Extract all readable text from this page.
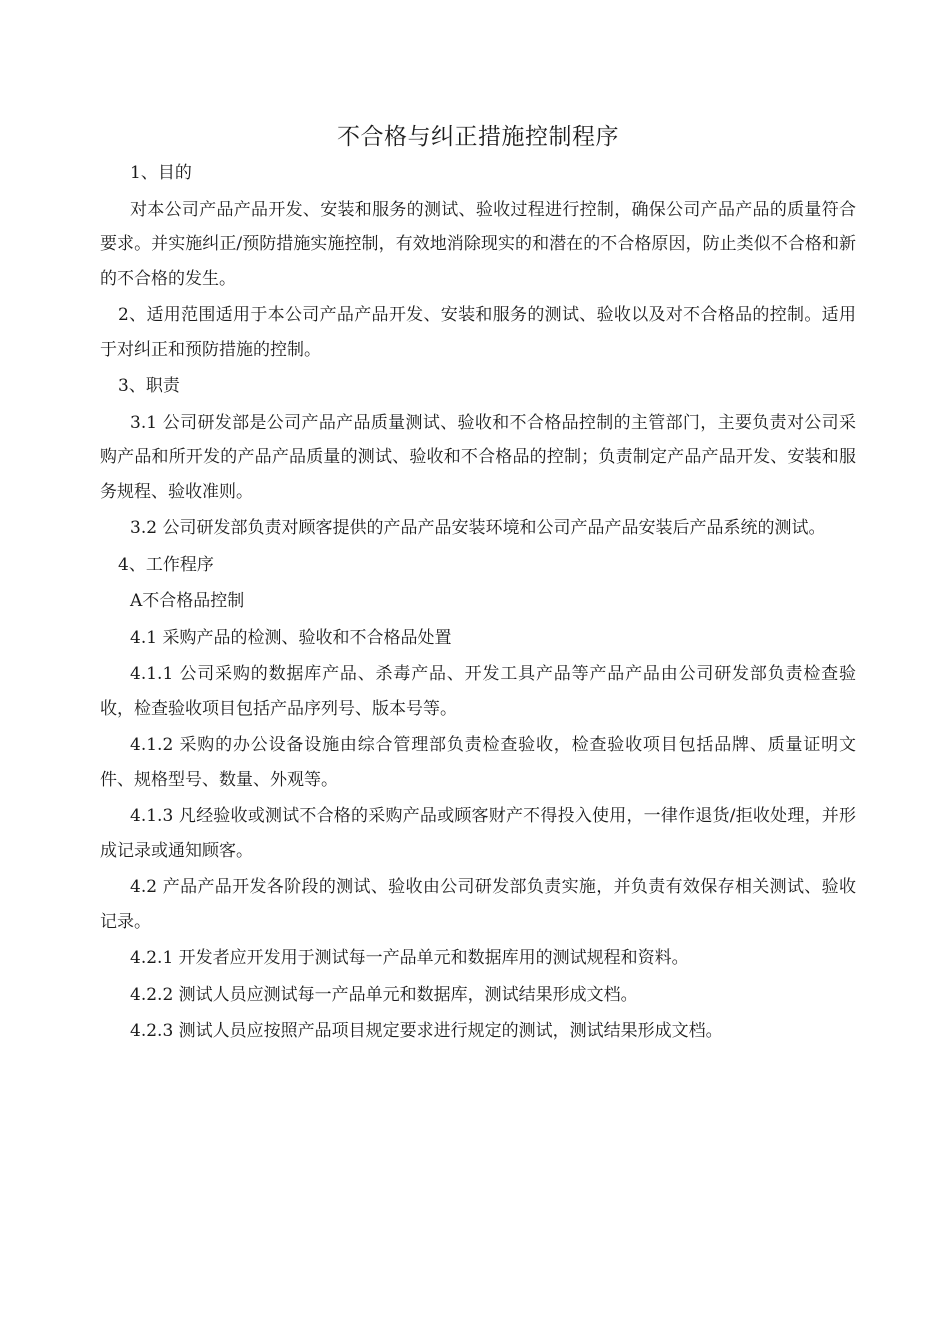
不合格与纠正措施控制程序

1、目的

对本公司产品产品开发、安装和服务的测试、验收过程进行控制，确保公司产品产品的质量符合要求。并实施纠正/预防措施实施控制，有效地消除现实的和潜在的不合格原因，防止类似不合格和新的不合格的发生。

2、适用范围适用于本公司产品产品开发、安装和服务的测试、验收以及对不合格品的控制。适用于对纠正和预防措施的控制。

3、职责

3.1 公司研发部是公司产品产品质量测试、验收和不合格品控制的主管部门，主要负责对公司采购产品和所开发的产品产品质量的测试、验收和不合格品的控制；负责制定产品产品开发、安装和服务规程、验收准则。

3.2 公司研发部负责对顾客提供的产品产品安装环境和公司产品产品安装后产品系统的测试。

4、工作程序

A不合格品控制

4.1 采购产品的检测、验收和不合格品处置

4.1.1 公司采购的数据库产品、杀毒产品、开发工具产品等产品产品由公司研发部负责检查验收，检查验收项目包括产品序列号、版本号等。

4.1.2 采购的办公设备设施由综合管理部负责检查验收，检查验收项目包括品牌、质量证明文件、规格型号、数量、外观等。

4.1.3 凡经验收或测试不合格的采购产品或顾客财产不得投入使用，一律作退货/拒收处理，并形成记录或通知顾客。

4.2 产品产品开发各阶段的测试、验收由公司研发部负责实施，并负责有效保存相关测试、验收记录。

4.2.1 开发者应开发用于测试每一产品单元和数据库用的测试规程和资料。

4.2.2 测试人员应测试每一产品单元和数据库，测试结果形成文档。

4.2.3 测试人员应按照产品项目规定要求进行规定的测试，测试结果形成文档。
